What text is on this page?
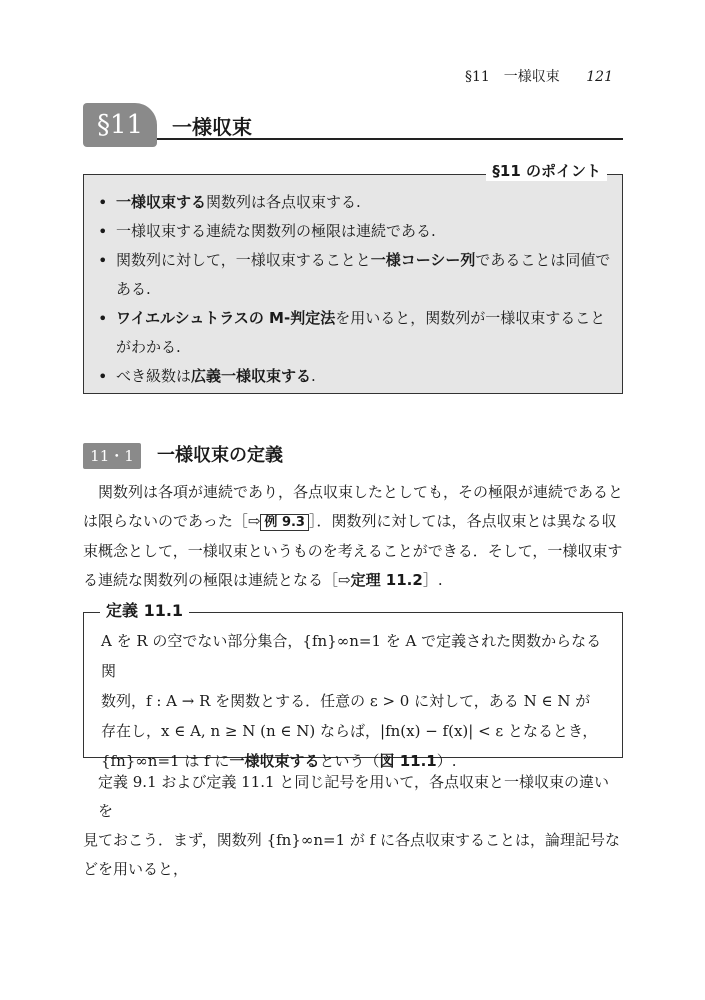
§11　一様収束 121
§11	一様収束
§11 のポイント
• 一様収束する関数列は各点収束する.
• 一様収束する連続な関数列の極限は連続である.
• 関数列に対して，一様収束することと一様コーシー列であることは同値である.
• ワイエルシュトラスの M-判定法を用いると，関数列が一様収束することがわかる.
• べき級数は広義一様収束する.
11・1	一様収束の定義
関数列は各項が連続であり，各点収束したとしても，その極限が連続であるとは限らないのであった［⇨ 例 9.3 ］．関数列に対しては，各点収束とは異なる収束概念として，一様収束というものを考えることができる．そして，一様収束する連続な関数列の極限は連続となる［⇨定理 11.2］.
定義 11.1
A を R の空でない部分集合，{fn}∞n=1 を A で定義された関数からなる関
数列，f : A → R を関数とする．任意の ε > 0 に対して，ある N ∈ N が
存在し，x ∈ A, n ≥ N (n ∈ N) ならば，|fn(x) − f(x)| < ε となるとき，
{fn}∞n=1 は f に一様収束するという（図 11.1）.
定義 9.1 および定義 11.1 と同じ記号を用いて，各点収束と一様収束の違いを
見ておこう．まず，関数列 {fn}∞n=1 が f に各点収束することは，論理記号な
どを用いると，
